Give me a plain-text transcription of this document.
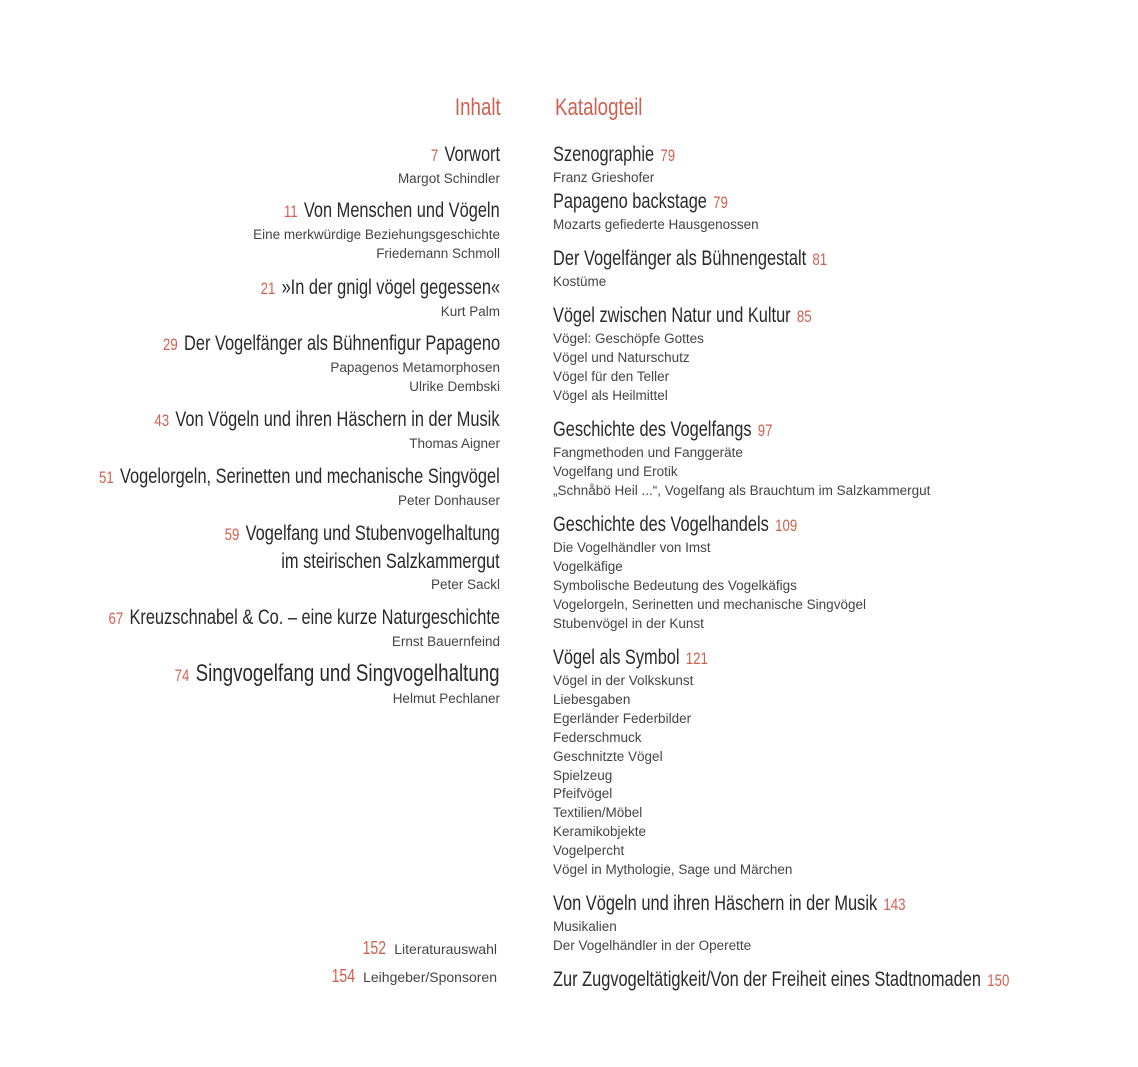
Inhalt Katalogteil
7 Vorwort
Margot Schindler
11 Von Menschen und Vögeln
Eine merkwürdige Beziehungsgeschichte
Friedemann Schmoll
21 »In der gnigl vögel gegessen«
Kurt Palm
29 Der Vogelfänger als Bühnenfigur Papageno
Papagenos Metamorphosen
Ulrike Dembski
43 Von Vögeln und ihren Häschern in der Musik
Thomas Aigner
51 Vogelorgeln, Serinetten und mechanische Singvögel
Peter Donhauser
59 Vogelfang und Stubenvogelhaltung
im steirischen Salzkammergut
Peter Sackl
67 Kreuzschnabel & Co. – eine kurze Naturgeschichte
Ernst Bauernfeind
74 Singvogelfang und Singvogelhaltung
Helmut Pechlaner
152 Literaturauswahl
154 Leihgeber/Sponsoren
Szenographie 79
Franz Grieshofer
Papageno backstage 79
Mozarts gefiederte Hausgenossen
Der Vogelfänger als Bühnengestalt 81
Kostüme
Vögel zwischen Natur und Kultur 85
Vögel: Geschöpfe Gottes
Vögel und Naturschutz
Vögel für den Teller
Vögel als Heilmittel
Geschichte des Vogelfangs 97
Fangmethoden und Fanggeräte
Vogelfang und Erotik
„Schnåbö Heil ...“, Vogelfang als Brauchtum im Salzkammergut
Geschichte des Vogelhandels 109
Die Vogelhändler von Imst
Vogelkäfige
Symbolische Bedeutung des Vogelkäfigs
Vogelorgeln, Serinetten und mechanische Singvögel
Stubenvögel in der Kunst
Vögel als Symbol 121
Vögel in der Volkskunst
Liebesgaben
Egerländer Federbilder
Federschmuck
Geschnitzte Vögel
Spielzeug
Pfeifvögel
Textilien/Möbel
Keramikobjekte
Vogelpercht
Vögel in Mythologie, Sage und Märchen
Von Vögeln und ihren Häschern in der Musik 143
Musikalien
Der Vogelhändler in der Operette
Zur Zugvogeltätigkeit/Von der Freiheit eines Stadtnomaden 150
